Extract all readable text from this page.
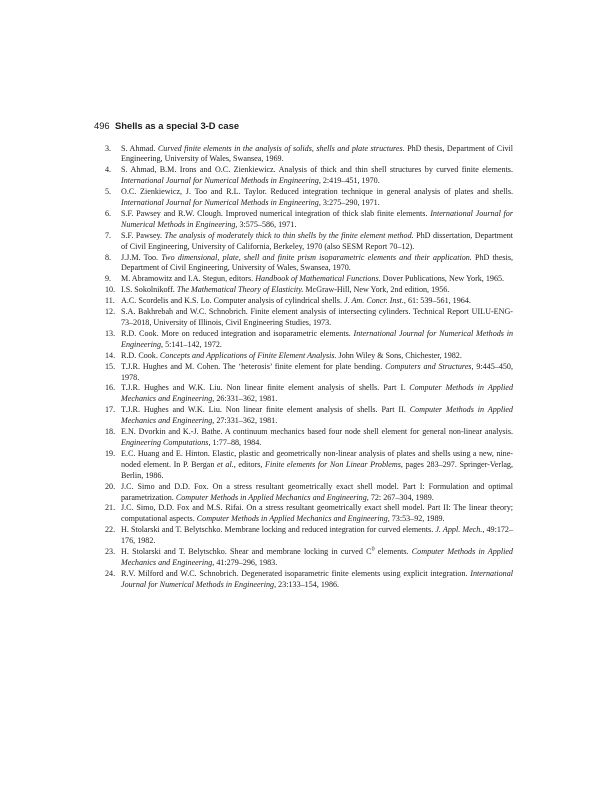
496 Shells as a special 3-D case
3. S. Ahmad. Curved finite elements in the analysis of solids, shells and plate structures. PhD thesis, Department of Civil Engineering, University of Wales, Swansea, 1969.
4. S. Ahmad, B.M. Irons and O.C. Zienkiewicz. Analysis of thick and thin shell structures by curved finite elements. International Journal for Numerical Methods in Engineering, 2:419–451, 1970.
5. O.C. Zienkiewicz, J. Too and R.L. Taylor. Reduced integration technique in general analysis of plates and shells. International Journal for Numerical Methods in Engineering, 3:275–290, 1971.
6. S.F. Pawsey and R.W. Clough. Improved numerical integration of thick slab finite elements. International Journal for Numerical Methods in Engineering, 3:575–586, 1971.
7. S.F. Pawsey. The analysis of moderately thick to thin shells by the finite element method. PhD dissertation, Department of Civil Engineering, University of California, Berkeley, 1970 (also SESM Report 70–12).
8. J.J.M. Too. Two dimensional, plate, shell and finite prism isoparametric elements and their application. PhD thesis, Department of Civil Engineering, University of Wales, Swansea, 1970.
9. M. Abramowitz and I.A. Stegun, editors. Handbook of Mathematical Functions. Dover Publications, New York, 1965.
10. I.S. Sokolnikoff. The Mathematical Theory of Elasticity. McGraw-Hill, New York, 2nd edition, 1956.
11. A.C. Scordelis and K.S. Lo. Computer analysis of cylindrical shells. J. Am. Concr. Inst., 61: 539–561, 1964.
12. S.A. Bakhrebah and W.C. Schnobrich. Finite element analysis of intersecting cylinders. Technical Report UILU-ENG-73–2018, University of Illinois, Civil Engineering Studies, 1973.
13. R.D. Cook. More on reduced integration and isoparametric elements. International Journal for Numerical Methods in Engineering, 5:141–142, 1972.
14. R.D. Cook. Concepts and Applications of Finite Element Analysis. John Wiley & Sons, Chichester, 1982.
15. T.J.R. Hughes and M. Cohen. The ‘heterosis’ finite element for plate bending. Computers and Structures, 9:445–450, 1978.
16. T.J.R. Hughes and W.K. Liu. Non linear finite element analysis of shells. Part I. Computer Methods in Applied Mechanics and Engineering, 26:331–362, 1981.
17. T.J.R. Hughes and W.K. Liu. Non linear finite element analysis of shells. Part II. Computer Methods in Applied Mechanics and Engineering, 27:331–362, 1981.
18. E.N. Dvorkin and K.-J. Bathe. A continuum mechanics based four node shell element for general non-linear analysis. Engineering Computations, 1:77–88, 1984.
19. E.C. Huang and E. Hinton. Elastic, plastic and geometrically non-linear analysis of plates and shells using a new, nine-noded element. In P. Bergan et al., editors, Finite elements for Non Linear Problems, pages 283–297. Springer-Verlag, Berlin, 1986.
20. J.C. Simo and D.D. Fox. On a stress resultant geometrically exact shell model. Part I: Formulation and optimal parametrization. Computer Methods in Applied Mechanics and Engineering, 72: 267–304, 1989.
21. J.C. Simo, D.D. Fox and M.S. Rifai. On a stress resultant geometrically exact shell model. Part II: The linear theory; computational aspects. Computer Methods in Applied Mechanics and Engineering, 73:53–92, 1989.
22. H. Stolarski and T. Belytschko. Membrane locking and reduced integration for curved elements. J. Appl. Mech., 49:172–176, 1982.
23. H. Stolarski and T. Belytschko. Shear and membrane locking in curved $C^0$ elements. Computer Methods in Applied Mechanics and Engineering, 41:279–296, 1983.
24. R.V. Milford and W.C. Schnobrich. Degenerated isoparametric finite elements using explicit integration. International Journal for Numerical Methods in Engineering, 23:133–154, 1986.
